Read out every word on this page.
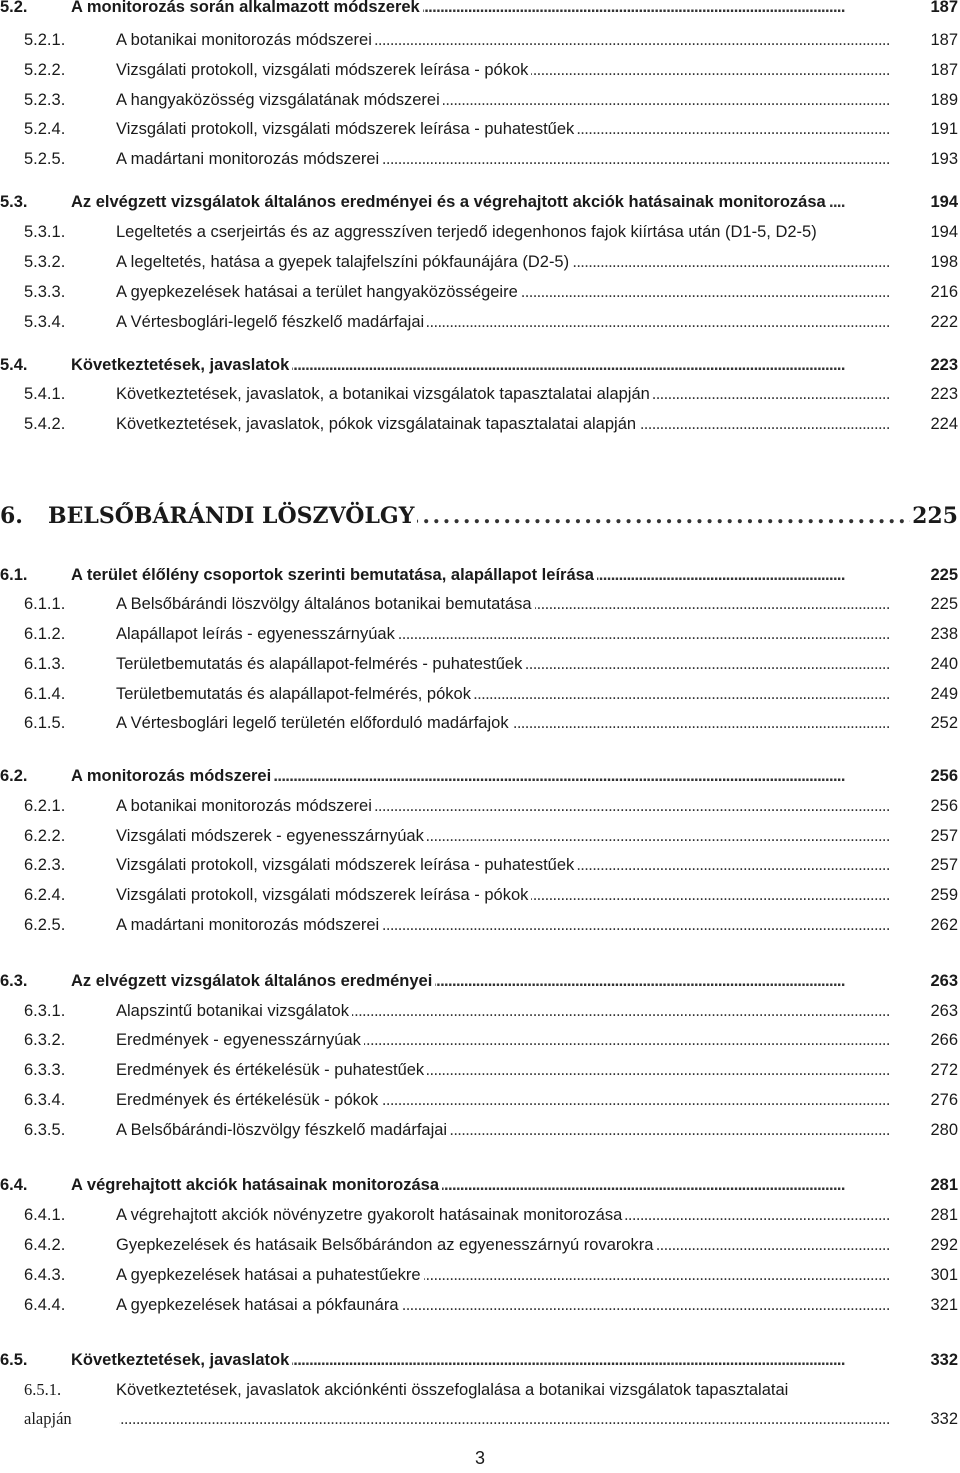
5.2.	A monitorozás során alkalmazott módszerek . . .	187
5.2.1.	A botanikai monitorozás módszerei . . .	187
5.2.2.	Vizsgálati protokoll, vizsgálati módszerek leírása - pókok . . .	187
5.2.3.	A hangyaközösség vizsgálatának módszerei . . .	189
5.2.4.	Vizsgálati protokoll, vizsgálati módszerek leírása - puhatestűek . . .	191
5.2.5.	A madártani monitorozás módszerei . . .	193
5.3.	Az elvégzett vizsgálatok általános eredményei és a végrehajtott akciók hatásainak monitorozása . . .	194
5.3.1.	Legeltetés a cserjeirtás és az aggresszíven terjedő idegenhonos fajok kiírtása után (D1-5, D2-5)	194
5.3.2.	A legeltetés, hatása a gyepek talajfelszíni pókfaunájára (D2-5) . . .	198
5.3.3.	A gyepkezelések hatásai a terület hangyaközösségeire . . .	216
5.3.4.	A Vértesboglári-legelő fészkelő madárfajai . . .	222
5.4.	Következtetések, javaslatok . . .	223
5.4.1.	Következtetések, javaslatok, a botanikai vizsgálatok tapasztalatai alapján . . .	223
5.4.2.	Következtetések, javaslatok, pókok vizsgálatainak tapasztalatai alapján . . .	224
6. BELSŐBÁRÁNDI LÖSZVÖLGY . . .	225
6.1.	A terület élőlény csoportok szerinti bemutatása, alapállapot leírása . . .	225
6.1.1.	A Belsőbárándi löszvölgy általános botanikai bemutatása . . .	225
6.1.2.	Alapállapot leírás - egyenesszárnyúak . . .	238
6.1.3.	Területbemutatás és alapállapot-felmérés - puhatestűek . . .	240
6.1.4.	Területbemutatás és alapállapot-felmérés, pókok . . .	249
6.1.5.	A Vértesboglári legelő területén előforduló madárfajok . . .	252
6.2.	A monitorozás módszerei . . .	256
6.2.1.	A botanikai monitorozás módszerei . . .	256
6.2.2.	Vizsgálati módszerek - egyenesszárnyúak . . .	257
6.2.3.	Vizsgálati protokoll, vizsgálati módszerek leírása - puhatestűek . . .	257
6.2.4.	Vizsgálati protokoll, vizsgálati módszerek leírása - pókok . . .	259
6.2.5.	A madártani monitorozás módszerei . . .	262
6.3.	Az elvégzett vizsgálatok általános eredményei . . .	263
6.3.1.	Alapszintű botanikai vizsgálatok . . .	263
6.3.2.	Eredmények - egyenesszárnyúak . . .	266
6.3.3.	Eredmények és értékelésük - puhatestűek . . .	272
6.3.4.	Eredmények és értékelésük - pókok . . .	276
6.3.5.	A Belsőbárándi-löszvölgy fészkelő madárfajai . . .	280
6.4.	A végrehajtott akciók hatásainak monitorozása . . .	281
6.4.1.	A végrehajtott akciók növényzetre gyakorolt hatásainak monitorozása . . .	281
6.4.2.	Gyepkezelések és hatásaik Belsőbárándon az egyenesszárnyú rovarokra . . .	292
6.4.3.	A gyepkezelések hatásai a puhatestűekre . . .	301
6.4.4.	A gyepkezelések hatásai a pókfaunára . . .	321
6.5.	Következtetések, javaslatok . . .	332
6.5.1.	Következtetések, javaslatok akciónkénti összefoglalása a botanikai vizsgálatok tapasztalatai
alapján . . .	332
3
